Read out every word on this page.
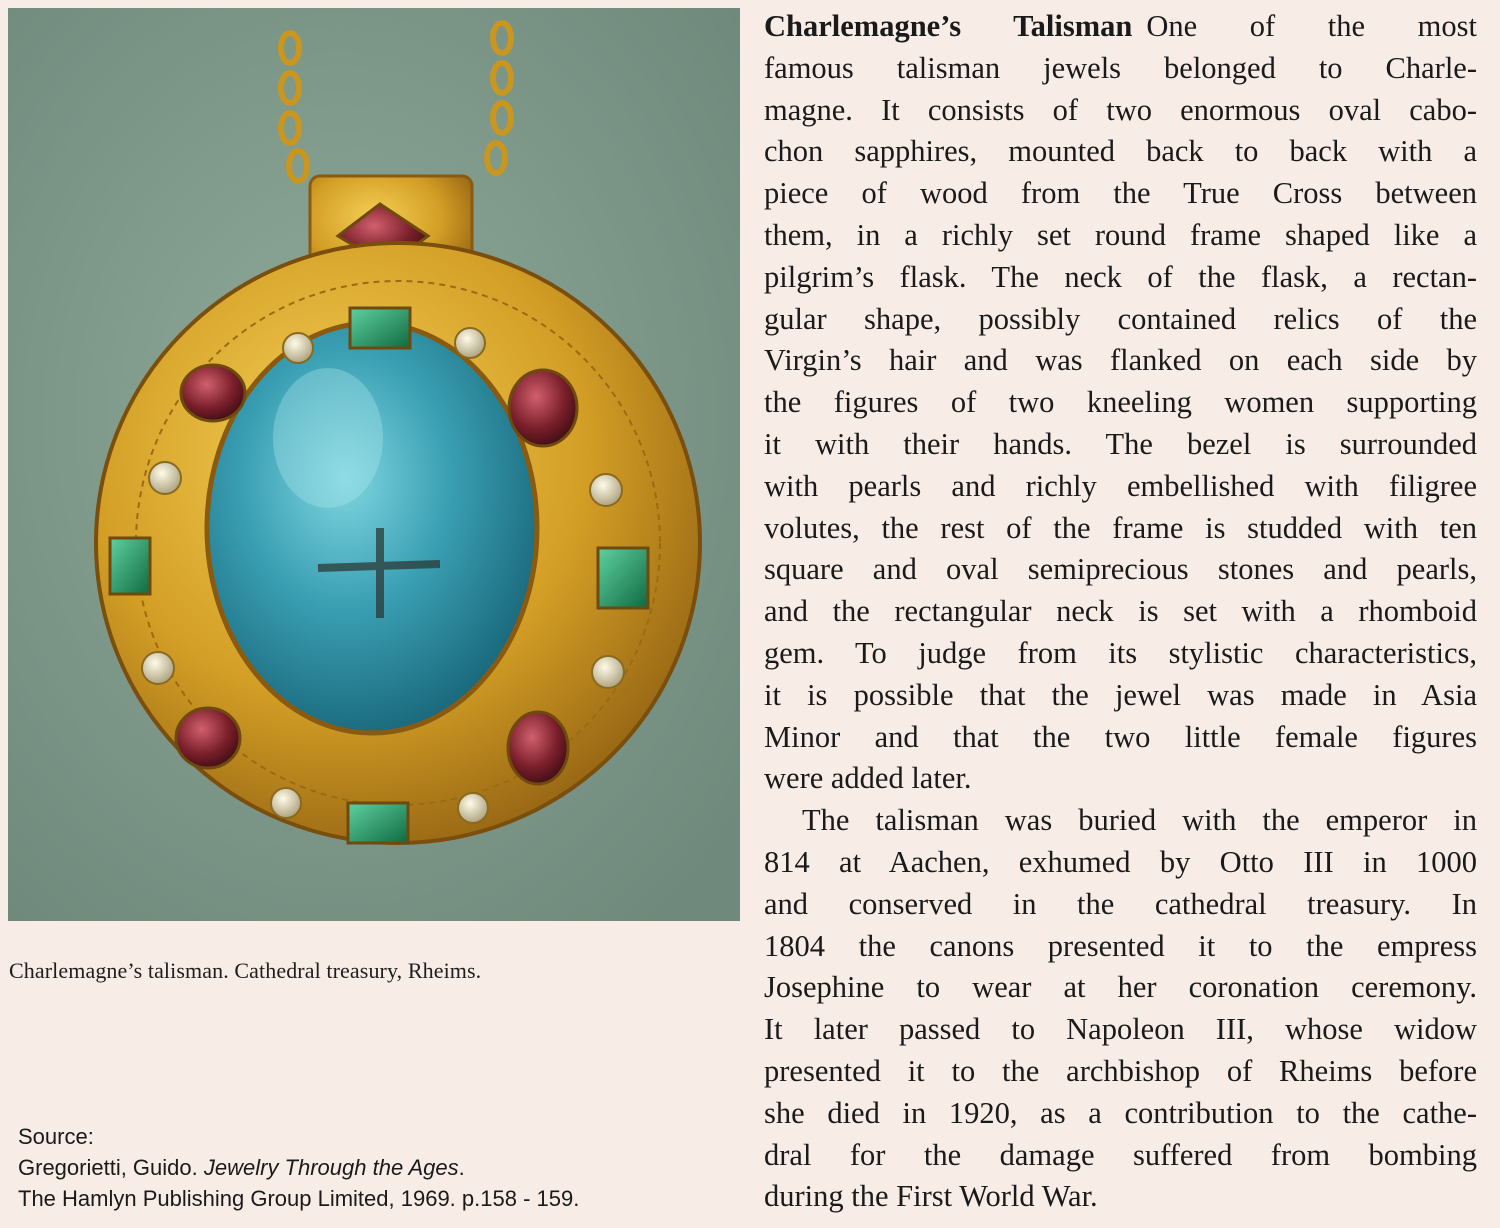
Charlemagne’s talisman. Cathedral treasury, Rheims.
Source:
Gregorietti, Guido. Jewelry Through the Ages.
The Hamlyn Publishing Group Limited, 1969. p.158 - 159.
Charlemagne’s Talisman One of the most
famous talisman jewels belonged to Charle-
magne. It consists of two enormous oval cabo-
chon sapphires, mounted back to back with a
piece of wood from the True Cross between
them, in a richly set round frame shaped like a
pilgrim’s flask. The neck of the flask, a rectan-
gular shape, possibly contained relics of the
Virgin’s hair and was flanked on each side by
the figures of two kneeling women supporting
it with their hands. The bezel is surrounded
with pearls and richly embellished with filigree
volutes, the rest of the frame is studded with ten
square and oval semiprecious stones and pearls,
and the rectangular neck is set with a rhomboid
gem. To judge from its stylistic characteristics,
it is possible that the jewel was made in Asia
Minor and that the two little female figures
were added later.
The talisman was buried with the emperor in
814 at Aachen, exhumed by Otto III in 1000
and conserved in the cathedral treasury. In
1804 the canons presented it to the empress
Josephine to wear at her coronation ceremony.
It later passed to Napoleon III, whose widow
presented it to the archbishop of Rheims before
she died in 1920, as a contribution to the cathe-
dral for the damage suffered from bombing
during the First World War.
